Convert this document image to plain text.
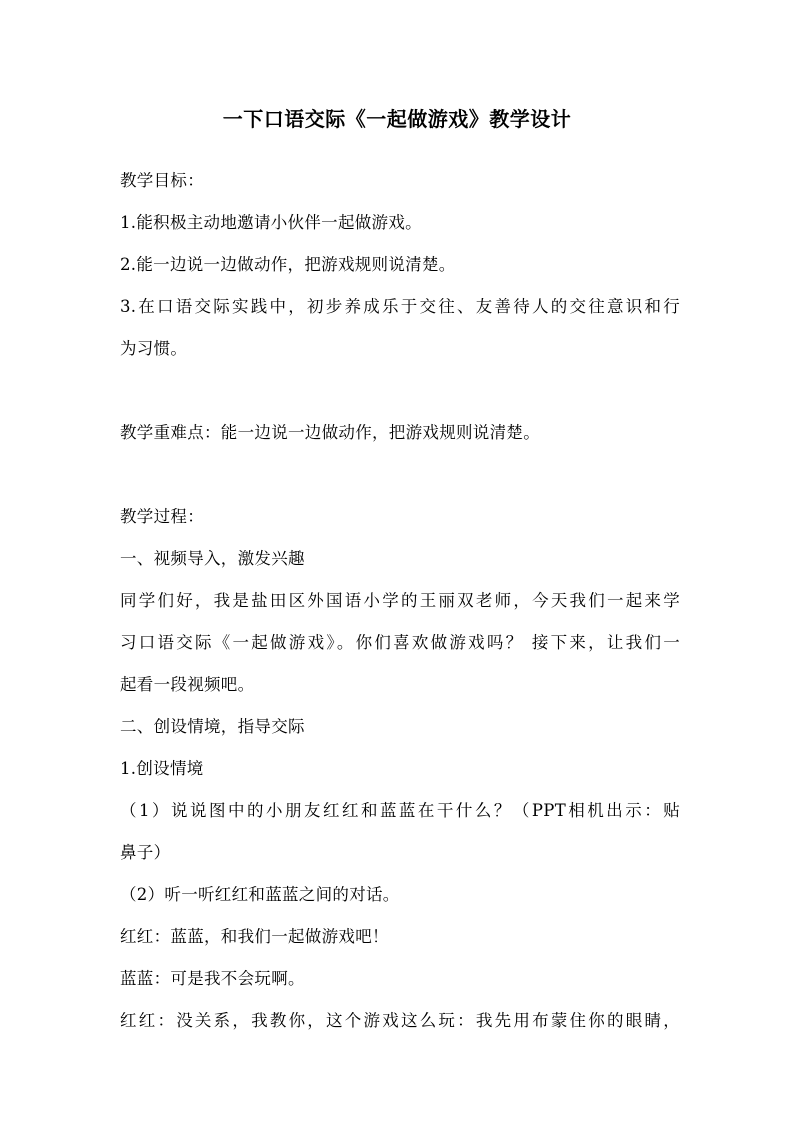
一下口语交际《一起做游戏》教学设计
教学目标：
1.能积极主动地邀请小伙伴一起做游戏。
2.能一边说一边做动作，把游戏规则说清楚。
3.在口语交际实践中，初步养成乐于交往、友善待人的交往意识和行
为习惯。
教学重难点：能一边说一边做动作，把游戏规则说清楚。
教学过程：
一、视频导入，激发兴趣
同学们好，我是盐田区外国语小学的王丽双老师，今天我们一起来学
习口语交际《一起做游戏》。你们喜欢做游戏吗？ 接下来，让我们一
起看一段视频吧。
二、创设情境，指导交际
1.创设情境
（1）说说图中的小朋友红红和蓝蓝在干什么？（PPT相机出示：贴
鼻子）
（2）听一听红红和蓝蓝之间的对话。
红红：蓝蓝，和我们一起做游戏吧！
蓝蓝：可是我不会玩啊。
红红：没关系，我教你，这个游戏这么玩：我先用布蒙住你的眼睛，
